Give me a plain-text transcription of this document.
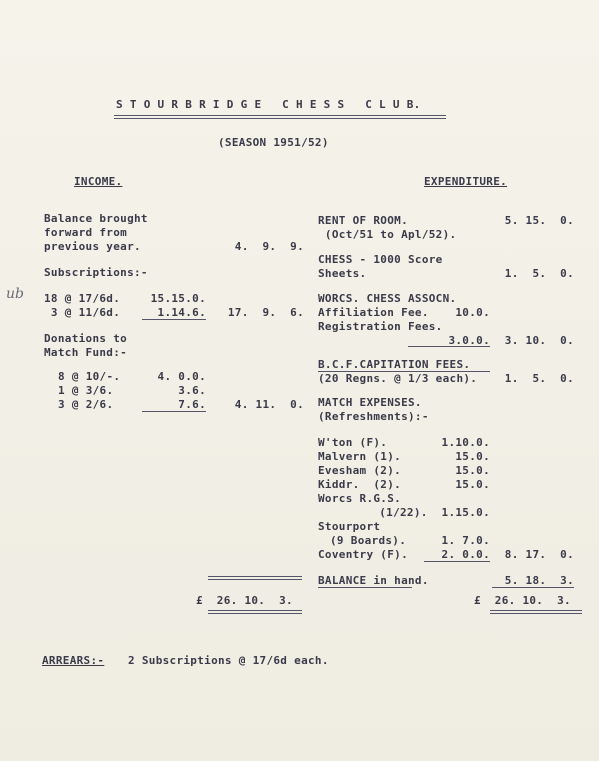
S T O U R B R I D G E   C H E S S   C L U B.
(SEASON 1951/52)
INCOME.	EXPENDITURE.
Balance brought
forward from
previous year.	4.  9.  9.
Subscriptions:-
ub 18 @ 17/6d.	15.15.0.
3 @ 11/6d.	1.14.6.	17.  9.  6.
Donations to
Match Fund:-
8 @ 10/-.	4. 0.0.
1 @ 3/6.	3.6.
3 @ 2/6.	7.6.	4. 11.  0.
£  26. 10.  3.
RENT OF ROOM.	5. 15.  0.
(Oct/51 to Apl/52).
CHESS - 1000 Score
Sheets.	1.  5.  0.
WORCS. CHESS ASSOCN.
Affiliation Fee.	10.0.
Registration Fees.
3.0.0.	3. 10.  0.
B.C.F.CAPITATION FEES.
(20 Regns. @ 1/3 each).	1.  5.  0.
MATCH EXPENSES.
(Refreshments):-
W'ton (F).	1.10.0.
Malvern (1).	15.0.
Evesham (2).	15.0.
Kiddr.  (2).	15.0.
Worcs R.G.S.
(1/22).  1.15.0.
Stourport
(9 Boards).	1. 7.0.
Coventry (F).	2. 0.0.	8. 17.  0.
BALANCE in hand.	5. 18.  3.
£  26. 10.  3.
ARREARS:- 2 Subscriptions @ 17/6d each.
